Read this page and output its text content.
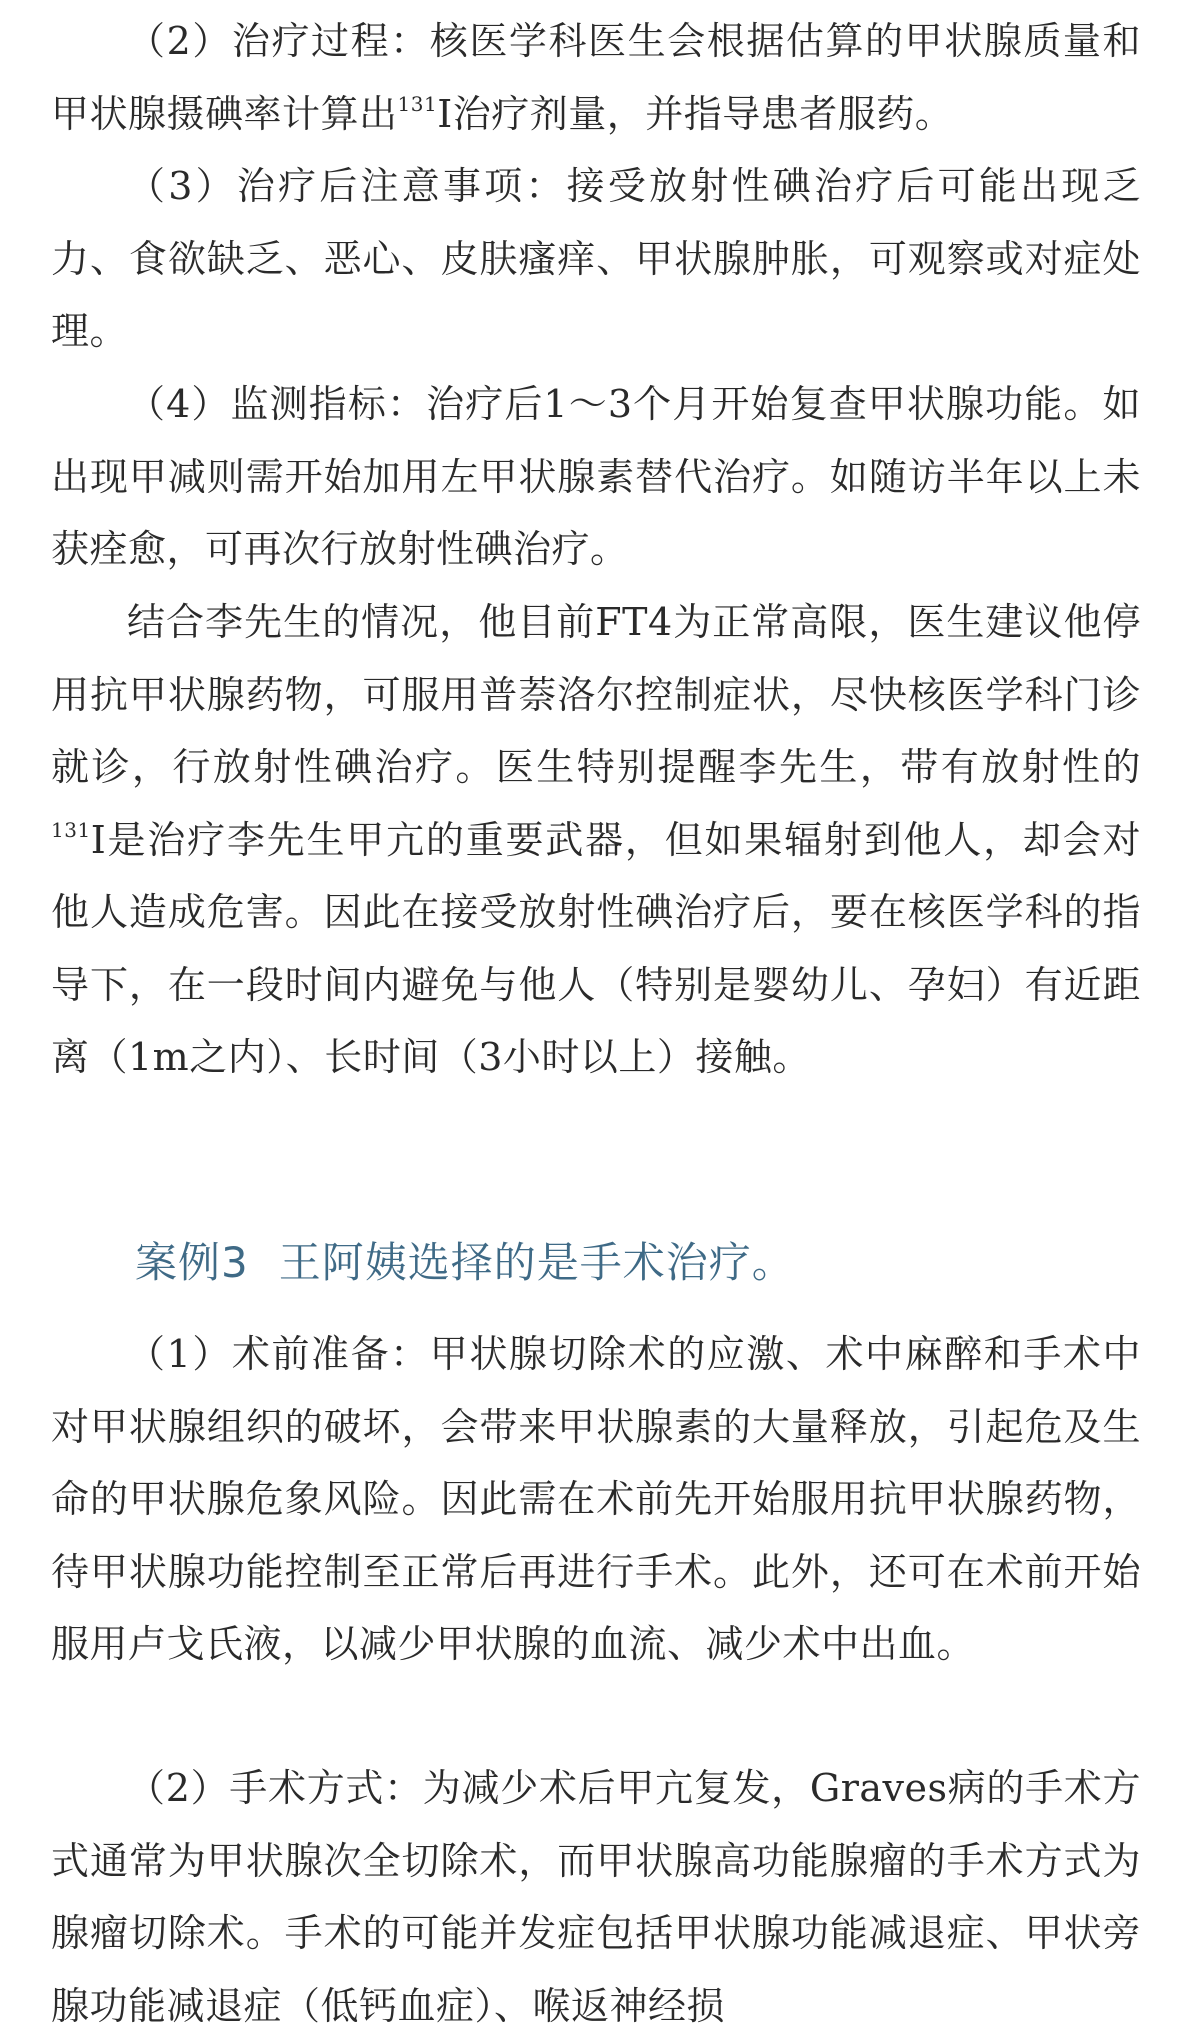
（2）治疗过程：核医学科医生会根据估算的甲状腺质量和甲状腺摄碘率计算出$^{131}$I治疗剂量，并指导患者服药。

（3）治疗后注意事项：接受放射性碘治疗后可能出现乏力、食欲缺乏、恶心、皮肤瘙痒、甲状腺肿胀，可观察或对症处理。

（4）监测指标：治疗后1～3个月开始复查甲状腺功能。如出现甲减则需开始加用左甲状腺素替代治疗。如随访半年以上未获痊愈，可再次行放射性碘治疗。

结合李先生的情况，他目前FT4为正常高限，医生建议他停用抗甲状腺药物，可服用普萘洛尔控制症状，尽快核医学科门诊就诊，行放射性碘治疗。医生特别提醒李先生，带有放射性的$^{131}$I是治疗李先生甲亢的重要武器，但如果辐射到他人，却会对他人造成危害。因此在接受放射性碘治疗后，要在核医学科的指导下，在一段时间内避免与他人（特别是婴幼儿、孕妇）有近距离（1m之内）、长时间（3小时以上）接触。

案例3 王阿姨选择的是手术治疗。

（1）术前准备：甲状腺切除术的应激、术中麻醉和手术中对甲状腺组织的破坏，会带来甲状腺素的大量释放，引起危及生命的甲状腺危象风险。因此需在术前先开始服用抗甲状腺药物，待甲状腺功能控制至正常后再进行手术。此外，还可在术前开始服用卢戈氏液，以减少甲状腺的血流、减少术中出血。

（2）手术方式：为减少术后甲亢复发，Graves病的手术方式通常为甲状腺次全切除术，而甲状腺高功能腺瘤的手术方式为腺瘤切除术。手术的可能并发症包括甲状腺功能减退症、甲状旁腺功能减退症（低钙血症）、喉返神经损
